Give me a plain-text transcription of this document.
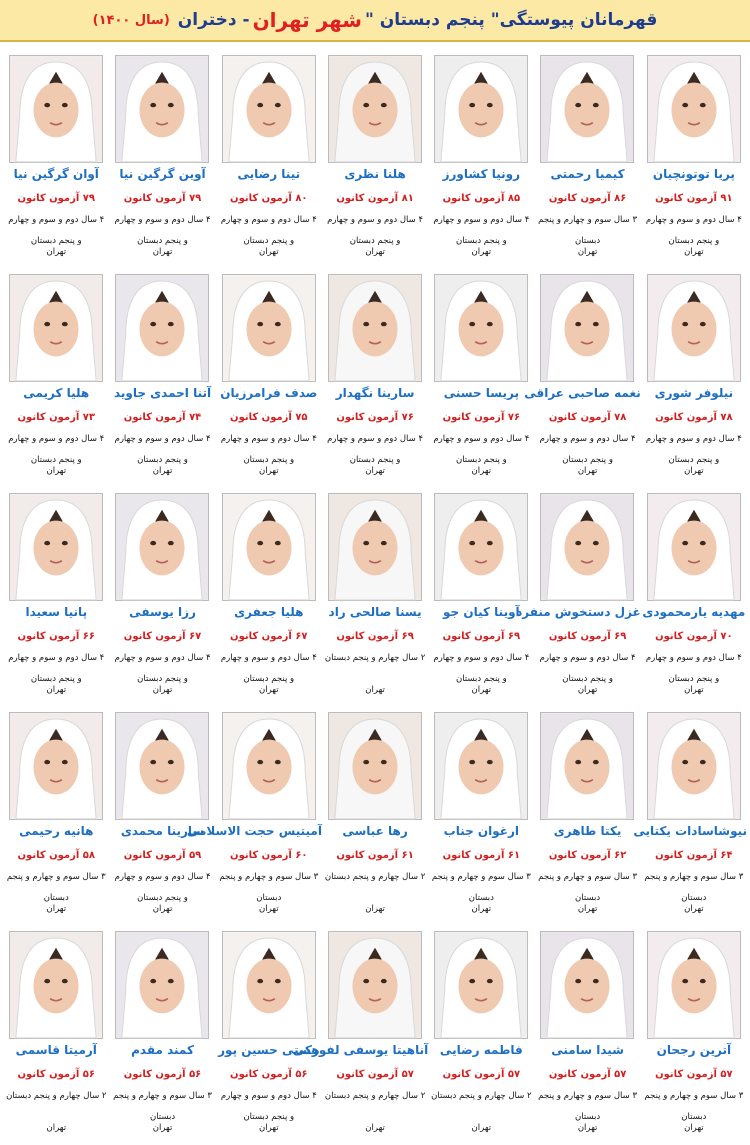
قهرمانان پیوستگی" پنجم دبستان "
شهر تهران
- دختران
(سال ۱۴۰۰)
پریا توتونچیان
۹۱ آزمون کانون
۴ سال دوم و سوم و چهارم و پنجم دبستان
تهران
کیمیا رحمتی
۸۶ آزمون کانون
۳ سال سوم و چهارم و پنجم دبستان
تهران
رونیا کشاورز
۸۵ آزمون کانون
۴ سال دوم و سوم و چهارم و پنجم دبستان
تهران
هلنا نظری
۸۱ آزمون کانون
۴ سال دوم و سوم و چهارم و پنجم دبستان
تهران
تینا رضایی
۸۰ آزمون کانون
۴ سال دوم و سوم و چهارم و پنجم دبستان
تهران
آوین گرگین نیا
۷۹ آزمون کانون
۴ سال دوم و سوم و چهارم و پنجم دبستان
تهران
آوان گرگین نیا
۷۹ آزمون کانون
۴ سال دوم و سوم و چهارم و پنجم دبستان
تهران
نیلوفر شوری
۷۸ آزمون کانون
۴ سال دوم و سوم و چهارم و پنجم دبستان
تهران
نغمه صاحبی عراقی
۷۸ آزمون کانون
۴ سال دوم و سوم و چهارم و پنجم دبستان
تهران
پریسا حسنی
۷۶ آزمون کانون
۴ سال دوم و سوم و چهارم و پنجم دبستان
تهران
سارینا نگهدار
۷۶ آزمون کانون
۴ سال دوم و سوم و چهارم و پنجم دبستان
تهران
صدف فرامرزیان
۷۵ آزمون کانون
۴ سال دوم و سوم و چهارم و پنجم دبستان
تهران
آتنا احمدی جاوید
۷۴ آزمون کانون
۴ سال دوم و سوم و چهارم و پنجم دبستان
تهران
هلیا کریمی
۷۳ آزمون کانون
۴ سال دوم و سوم و چهارم و پنجم دبستان
تهران
مهدیه یارمحمودی
۷۰ آزمون کانون
۴ سال دوم و سوم و چهارم و پنجم دبستان
تهران
غزل دستخوش منفرد
۶۹ آزمون کانون
۴ سال دوم و سوم و چهارم و پنجم دبستان
تهران
آوینا کیان جو
۶۹ آزمون کانون
۴ سال دوم و سوم و چهارم و پنجم دبستان
تهران
یسنا صالحی راد
۶۹ آزمون کانون
۲ سال چهارم و پنجم دبستان
تهران
هلیا جعفری
۶۷ آزمون کانون
۴ سال دوم و سوم و چهارم و پنجم دبستان
تهران
رزا یوسفی
۶۷ آزمون کانون
۴ سال دوم و سوم و چهارم و پنجم دبستان
تهران
پانیا سعیدا
۶۶ آزمون کانون
۴ سال دوم و سوم و چهارم و پنجم دبستان
تهران
نیوشاسادات یکتایی
۶۴ آزمون کانون
۳ سال سوم و چهارم و پنجم دبستان
تهران
یکتا طاهری
۶۲ آزمون کانون
۳ سال سوم و چهارم و پنجم دبستان
تهران
ارغوان جناب
۶۱ آزمون کانون
۳ سال سوم و چهارم و پنجم دبستان
تهران
رها عباسی
۶۱ آزمون کانون
۲ سال چهارم و پنجم دبستان
تهران
آمیتیس حجت الاسلامی
۶۰ آزمون کانون
۳ سال سوم و چهارم و پنجم دبستان
تهران
سارینا محمدی
۵۹ آزمون کانون
۴ سال دوم و سوم و چهارم و پنجم دبستان
تهران
هانیه رحیمی
۵۸ آزمون کانون
۳ سال سوم و چهارم و پنجم دبستان
تهران
آترین رجحان
۵۷ آزمون کانون
۳ سال سوم و چهارم و پنجم دبستان
تهران
شیدا سامنی
۵۷ آزمون کانون
۳ سال سوم و چهارم و پنجم دبستان
تهران
فاطمه رضایی
۵۷ آزمون کانون
۲ سال چهارم و پنجم دبستان
تهران
آناهیتا یوسفی لفورکی
۵۷ آزمون کانون
۲ سال چهارم و پنجم دبستان
تهران
هستی حسین پور
۵۶ آزمون کانون
۴ سال دوم و سوم و چهارم و پنجم دبستان
تهران
کمند مقدم
۵۶ آزمون کانون
۳ سال سوم و چهارم و پنجم دبستان
تهران
آرمیتا قاسمی
۵۶ آزمون کانون
۲ سال چهارم و پنجم دبستان
تهران
